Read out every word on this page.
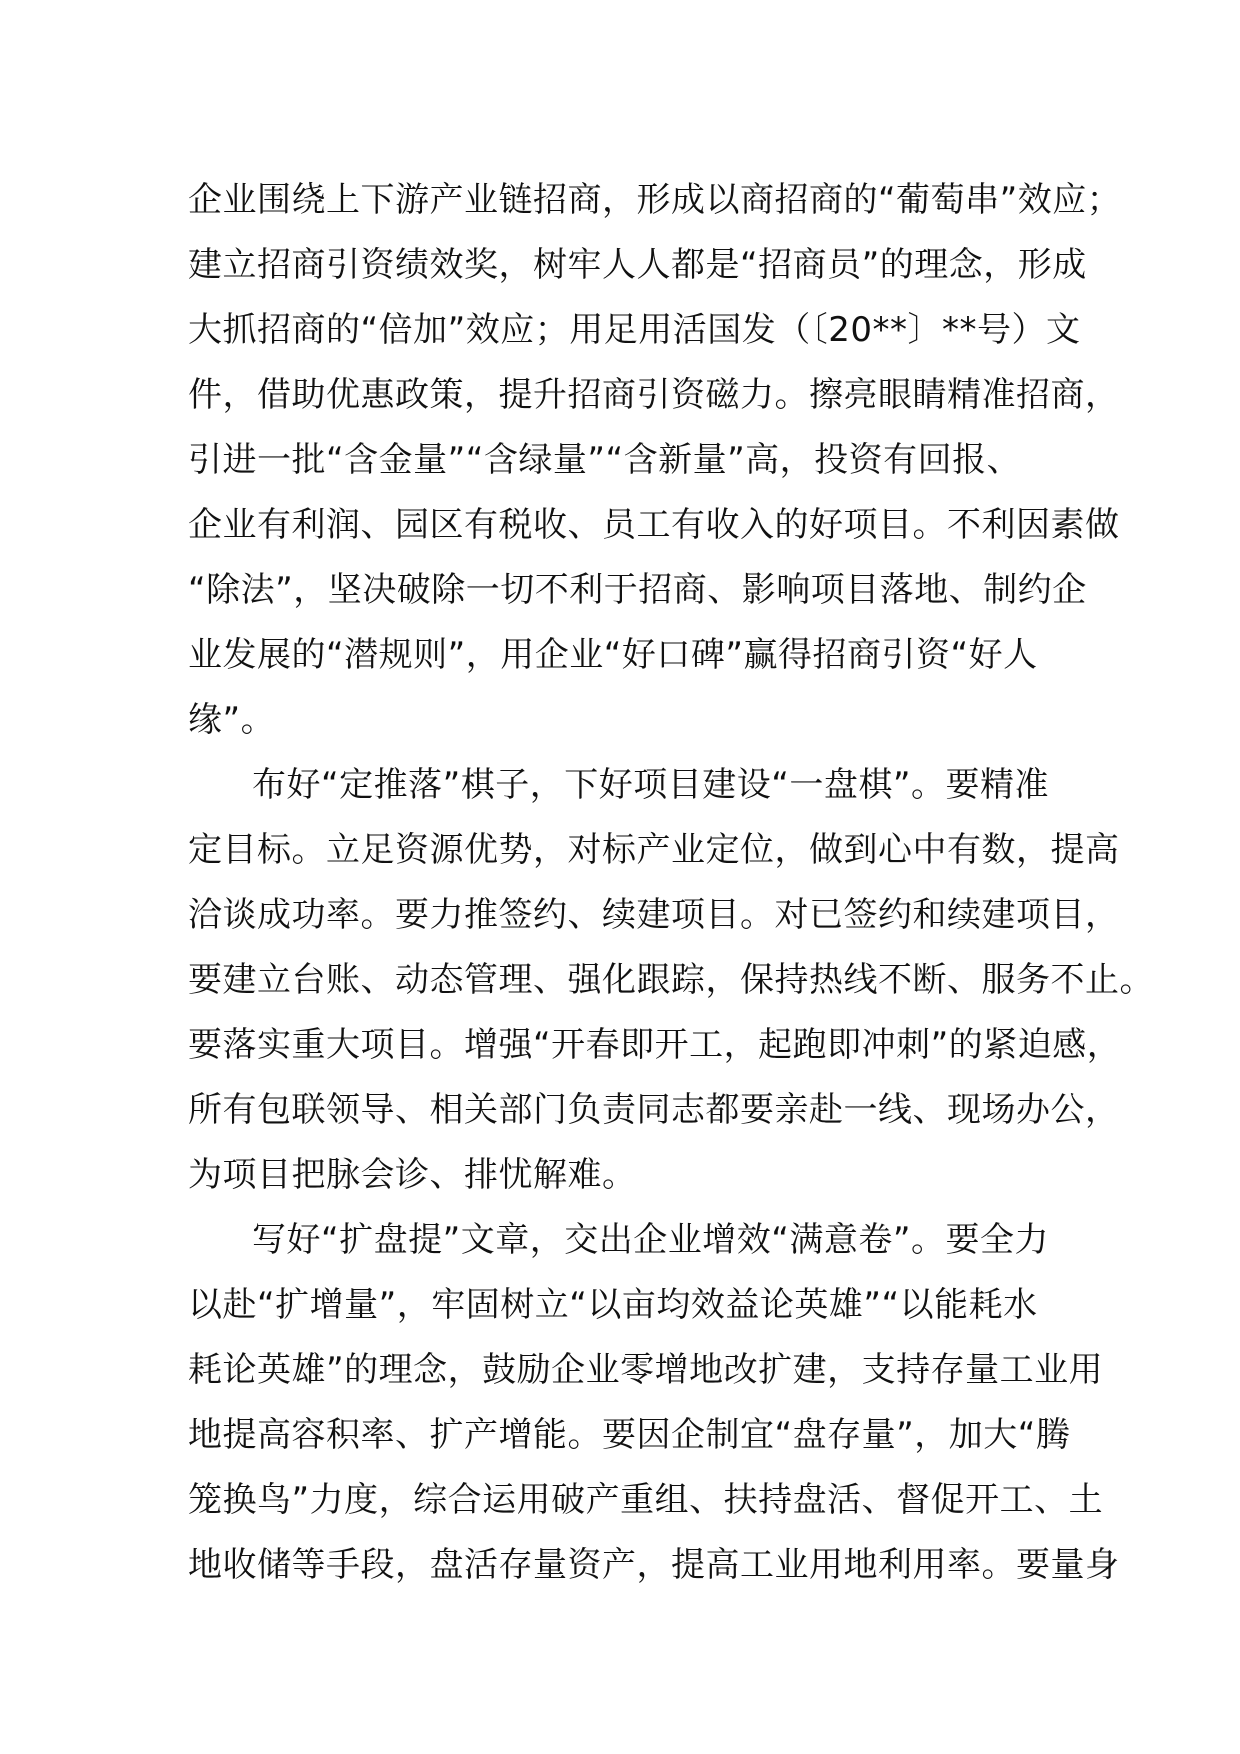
企业围绕上下游产业链招商，形成以商招商的“葡萄串”效应；
建立招商引资绩效奖，树牢人人都是“招商员”的理念，形成
大抓招商的“倍加”效应；用足用活国发（〔20**〕**号）文
件，借助优惠政策，提升招商引资磁力。擦亮眼睛精准招商，
引进一批“含金量”“含绿量”“含新量”高，投资有回报、
企业有利润、园区有税收、员工有收入的好项目。不利因素做
“除法”，坚决破除一切不利于招商、影响项目落地、制约企
业发展的“潜规则”，用企业“好口碑”赢得招商引资“好人
缘”。
布好“定推落”棋子，下好项目建设“一盘棋”。要精准
定目标。立足资源优势，对标产业定位，做到心中有数，提高
洽谈成功率。要力推签约、续建项目。对已签约和续建项目，
要建立台账、动态管理、强化跟踪，保持热线不断、服务不止。
要落实重大项目。增强“开春即开工，起跑即冲刺”的紧迫感，
所有包联领导、相关部门负责同志都要亲赴一线、现场办公，
为项目把脉会诊、排忧解难。
写好“扩盘提”文章，交出企业增效“满意卷”。要全力
以赴“扩增量”，牢固树立“以亩均效益论英雄”“以能耗水
耗论英雄”的理念，鼓励企业零增地改扩建，支持存量工业用
地提高容积率、扩产增能。要因企制宜“盘存量”，加大“腾
笼换鸟”力度，综合运用破产重组、扶持盘活、督促开工、土
地收储等手段，盘活存量资产，提高工业用地利用率。要量身
